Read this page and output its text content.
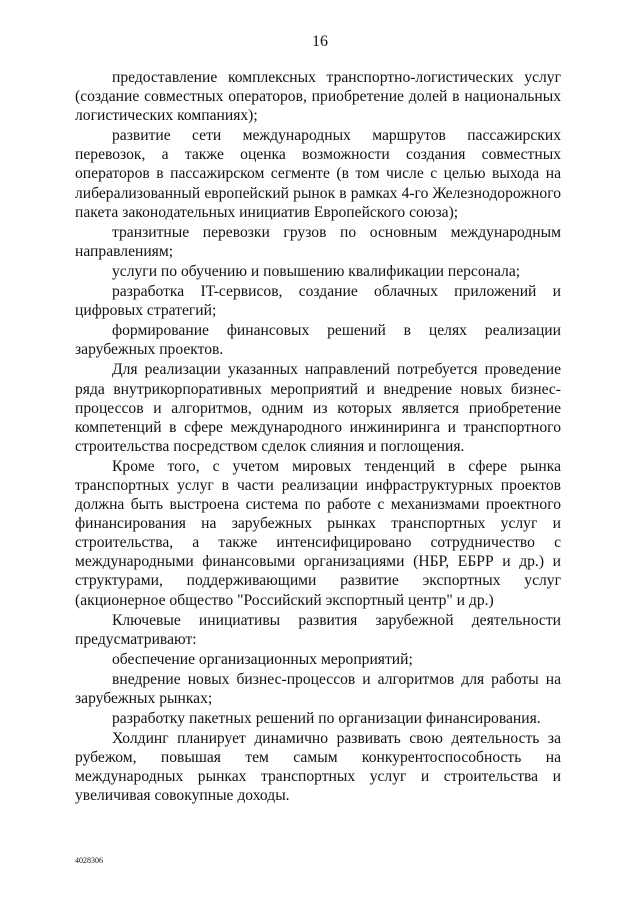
16

предоставление комплексных транспортно-логистических услуг (создание совместных операторов, приобретение долей в национальных логистических компаниях);

развитие сети международных маршрутов пассажирских перевозок, а также оценка возможности создания совместных операторов в пассажирском сегменте (в том числе с целью выхода на либерализованный европейский рынок в рамках 4-го Железнодорожного пакета законодательных инициатив Европейского союза);

транзитные перевозки грузов по основным международным направлениям;

услуги по обучению и повышению квалификации персонала;

разработка IT-сервисов, создание облачных приложений и цифровых стратегий;

формирование финансовых решений в целях реализации зарубежных проектов.

Для реализации указанных направлений потребуется проведение ряда внутрикорпоративных мероприятий и внедрение новых бизнес-процессов и алгоритмов, одним из которых является приобретение компетенций в сфере международного инжиниринга и транспортного строительства посредством сделок слияния и поглощения.

Кроме того, с учетом мировых тенденций в сфере рынка транспортных услуг в части реализации инфраструктурных проектов должна быть выстроена система по работе с механизмами проектного финансирования на зарубежных рынках транспортных услуг и строительства, а также интенсифицировано сотрудничество с международными финансовыми организациями (НБР, ЕБРР и др.) и структурами, поддерживающими развитие экспортных услуг (акционерное общество "Российский экспортный центр" и др.)

Ключевые инициативы развития зарубежной деятельности предусматривают:

обеспечение организационных мероприятий;

внедрение новых бизнес-процессов и алгоритмов для работы на зарубежных рынках;

разработку пакетных решений по организации финансирования.

Холдинг планирует динамично развивать свою деятельность за рубежом, повышая тем самым конкурентоспособность на международных рынках транспортных услуг и строительства и увеличивая совокупные доходы.

4028306
